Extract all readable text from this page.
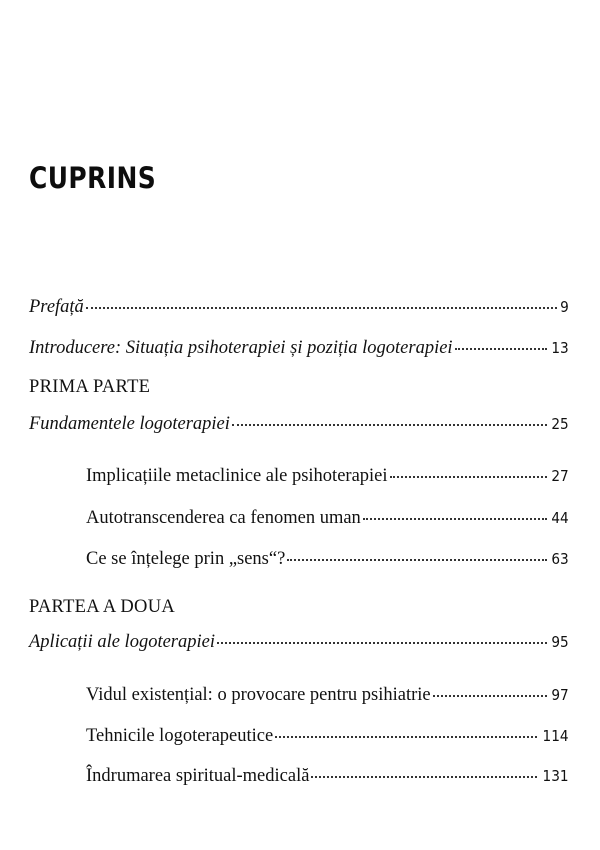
CUPRINS
Prefață	9
Introducere: Situația psihoterapiei și poziția logoterapiei	13
PRIMA PARTE
Fundamentele logoterapiei	25
Implicațiile metaclinice ale psihoterapiei	27
Autotranscenderea ca fenomen uman	44
Ce se înțelege prin „sens“?	63
PARTEA A DOUA
Aplicații ale logoterapiei	95
Vidul existențial: o provocare pentru psihiatrie	97
Tehnicile logoterapeutice	114
Îndrumarea spiritual-medicală	131
